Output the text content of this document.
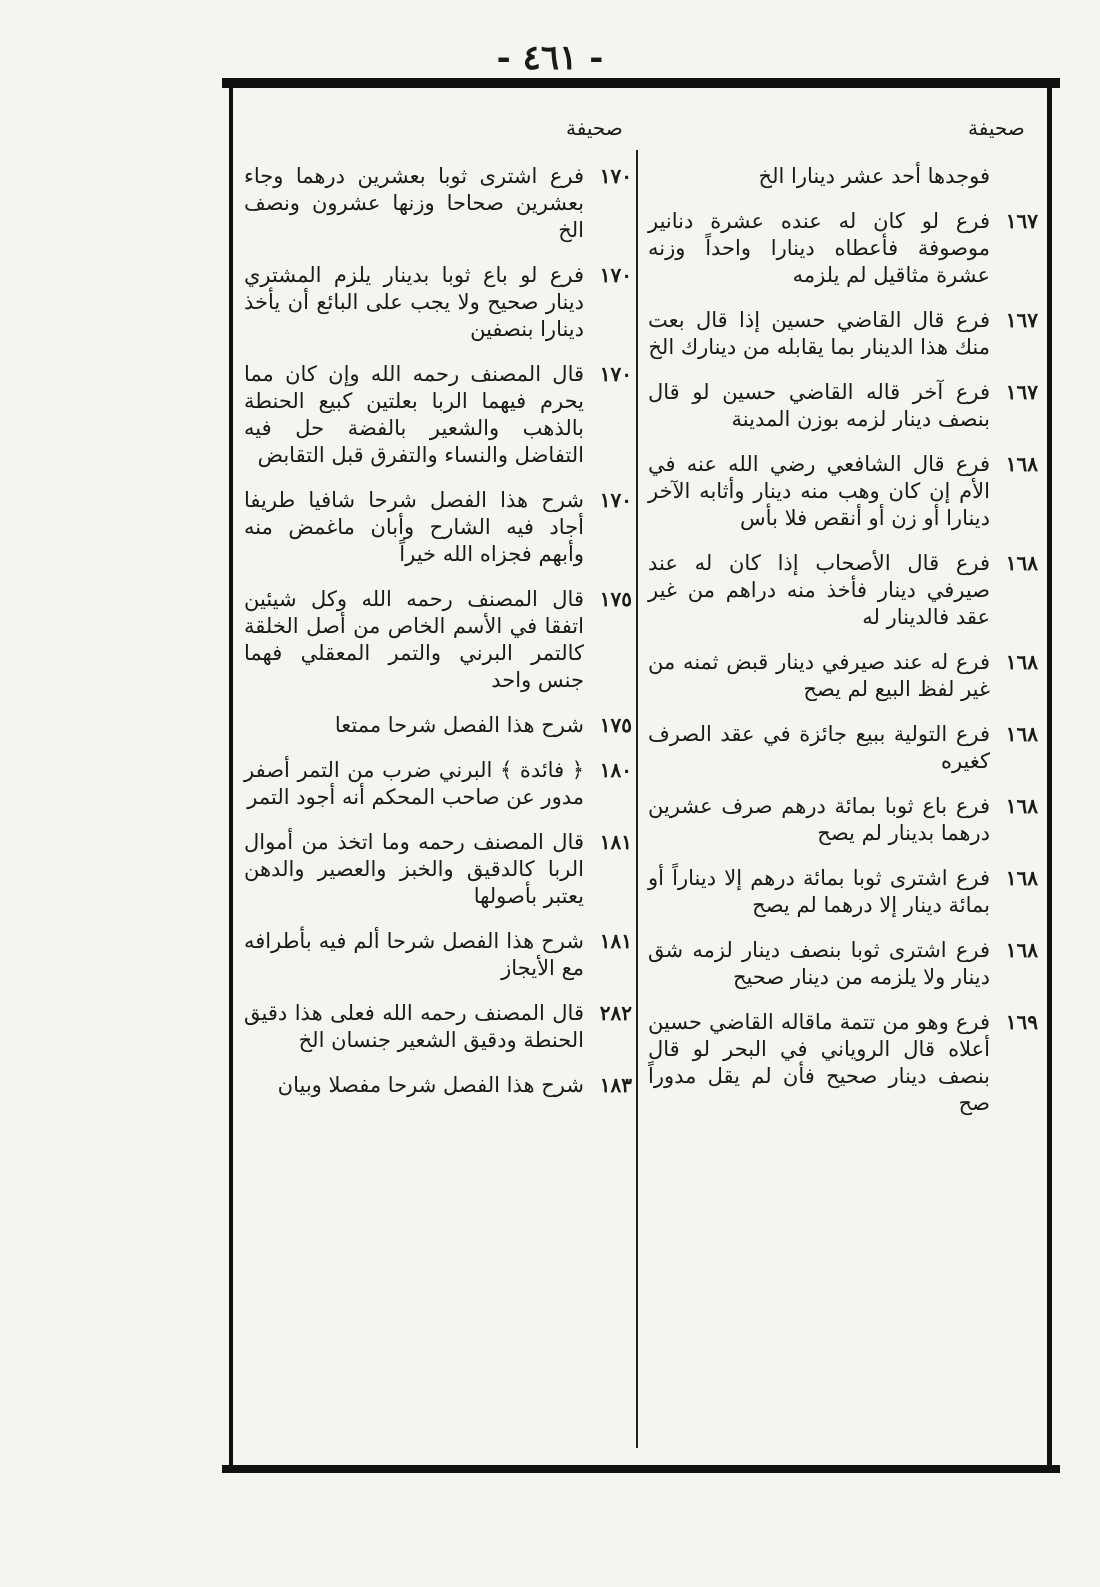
- ٤٦١ -
صحيفة
صحيفة
فوجدها أحد عشر دينارا الخ
١٦٧
فرع لو كان له عنده عشرة دنانير موصوفة فأعطاه دينارا واحداً وزنه عشرة مثاقيل لم يلزمه
١٦٧
فرع قال القاضي حسين إذا قال بعت منك هذا الدينار بما يقابله من دينارك الخ
١٦٧
فرع آخر قاله القاضي حسين لو قال بنصف دينار لزمه بوزن المدينة
١٦٨
فرع قال الشافعي رضي الله عنه في الأم إن كان وهب منه دينار وأثابه الآخر دينارا أو زن أو أنقص فلا بأس
١٦٨
فرع قال الأصحاب إذا كان له عند صيرفي دينار فأخذ منه دراهم من غير عقد فالدينار له
١٦٨
فرع له عند صيرفي دينار قبض ثمنه من غير لفظ البيع لم يصح
١٦٨
فرع التولية ببيع جائزة في عقد الصرف كغيره
١٦٨
فرع باع ثوبا بمائة درهم صرف عشرين درهما بدينار لم يصح
١٦٨
فرع اشترى ثوبا بمائة درهم إلا ديناراً أو بمائة دينار إلا درهما لم يصح
١٦٨
فرع اشترى ثوبا بنصف دينار لزمه شق دينار ولا يلزمه من دينار صحيح
١٦٩
فرع وهو من تتمة ماقاله القاضي حسين أعلاه قال الروياني في البحر لو قال بنصف دينار صحيح فأن لم يقل مدوراً صح
١٧٠
فرع اشترى ثوبا بعشرين درهما وجاء بعشرين صحاحا وزنها عشرون ونصف الخ
١٧٠
فرع لو باع ثوبا بدينار يلزم المشتري دينار صحيح ولا يجب على البائع أن يأخذ دينارا بنصفين
١٧٠
قال المصنف رحمه الله وإن كان مما يحرم فيهما الربا بعلتين كبيع الحنطة بالذهب والشعير بالفضة حل فيه التفاضل والنساء والتفرق قبل التقابض
١٧٠
شرح هذا الفصل شرحا شافيا طريفا أجاد فيه الشارح وأبان ماغمض منه وأبهم فجزاه الله خيراً
١٧٥
قال المصنف رحمه الله وكل شيئين اتفقا في الأسم الخاص من أصل الخلقة كالتمر البرني والتمر المعقلي فهما جنس واحد
١٧٥
شرح هذا الفصل شرحا ممتعا
١٨٠
﴿ فائدة ﴾ البرني ضرب من التمر أصفر مدور عن صاحب المحكم أنه أجود التمر
١٨١
قال المصنف رحمه وما اتخذ من أموال الربا كالدقيق والخبز والعصير والدهن يعتبر بأصولها
١٨١
شرح هذا الفصل شرحا ألم فيه بأطرافه مع الأيجاز
٢٨٢
قال المصنف رحمه الله فعلى هذا دقيق الحنطة ودقيق الشعير جنسان الخ
١٨٣
شرح هذا الفصل شرحا مفصلا وبيان
